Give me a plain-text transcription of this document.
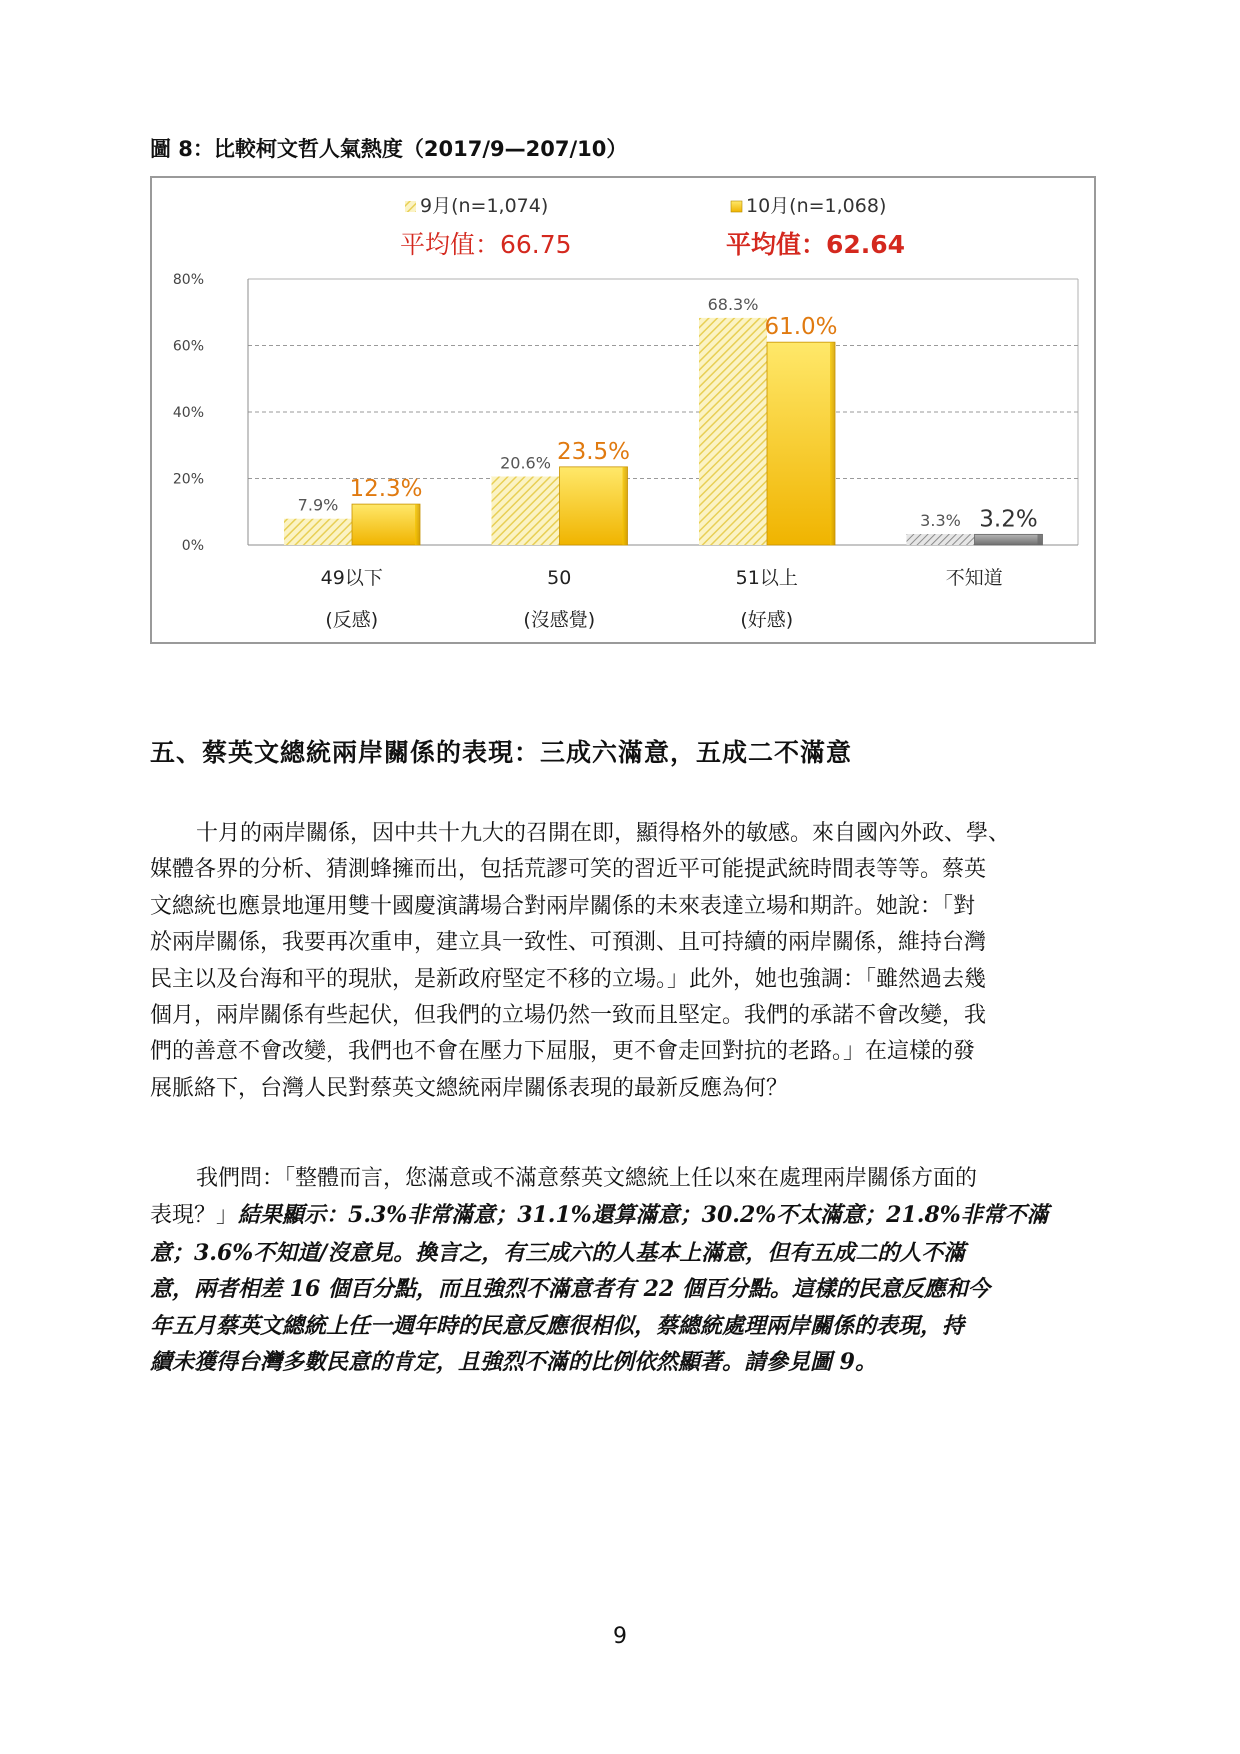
圖 8：比較柯文哲人氣熱度（2017/9—207/10）
9月(n=1,074)
平均值：66.75
10月(n=1,068)
平均值：62.64
0%
20%
40%
60%
80%
7.9%
12.3%
20.6% 23.5%
68.3%
61.0%
3.3% 3.2%
49以下
(反感)
50
(沒感覺)
51以上
(好感)
不知道
五、蔡英文總統兩岸關係的表現：三成六滿意，五成二不滿意
十月的兩岸關係，因中共十九大的召開在即，顯得格外的敏感。來自國內外政、學、
媒體各界的分析、猜測蜂擁而出，包括荒謬可笑的習近平可能提武統時間表等等。蔡英
文總統也應景地運用雙十國慶演講場合對兩岸關係的未來表達立場和期許。她說：「對
於兩岸關係，我要再次重申，建立具一致性、可預測、且可持續的兩岸關係，維持台灣
民主以及台海和平的現狀，是新政府堅定不移的立場。」此外，她也強調：「雖然過去幾
個月，兩岸關係有些起伏，但我們的立場仍然一致而且堅定。我們的承諾不會改變，我
們的善意不會改變，我們也不會在壓力下屈服，更不會走回對抗的老路。」在這樣的發
展脈絡下，台灣人民對蔡英文總統兩岸關係表現的最新反應為何？
我們問：「整體而言，您滿意或不滿意蔡英文總統上任以來在處理兩岸關係方面的
表現？」結果顯示：5.3%非常滿意；31.1%還算滿意；30.2%不太滿意；21.8%非常不滿
意；3.6%不知道/沒意見。換言之，有三成六的人基本上滿意，但有五成二的人不滿
意，兩者相差 16 個百分點，而且強烈不滿意者有 22 個百分點。這樣的民意反應和今
年五月蔡英文總統上任一週年時的民意反應很相似，蔡總統處理兩岸關係的表現，持
續未獲得台灣多數民意的肯定，且強烈不滿的比例依然顯著。請參見圖 9。
9
